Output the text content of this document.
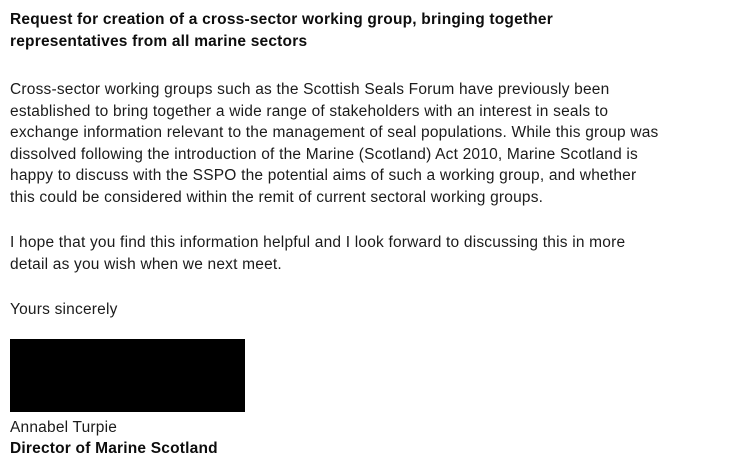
Request for creation of a cross-sector working group, bringing together
representatives from all marine sectors
Cross-sector working groups such as the Scottish Seals Forum have previously been
established to bring together a wide range of stakeholders with an interest in seals to
exchange information relevant to the management of seal populations. While this group was
dissolved following the introduction of the Marine (Scotland) Act 2010, Marine Scotland is
happy to discuss with the SSPO the potential aims of such a working group, and whether
this could be considered within the remit of current sectoral working groups.
I hope that you find this information helpful and I look forward to discussing this in more
detail as you wish when we next meet.
Yours sincerely
Annabel Turpie
Director of Marine Scotland
